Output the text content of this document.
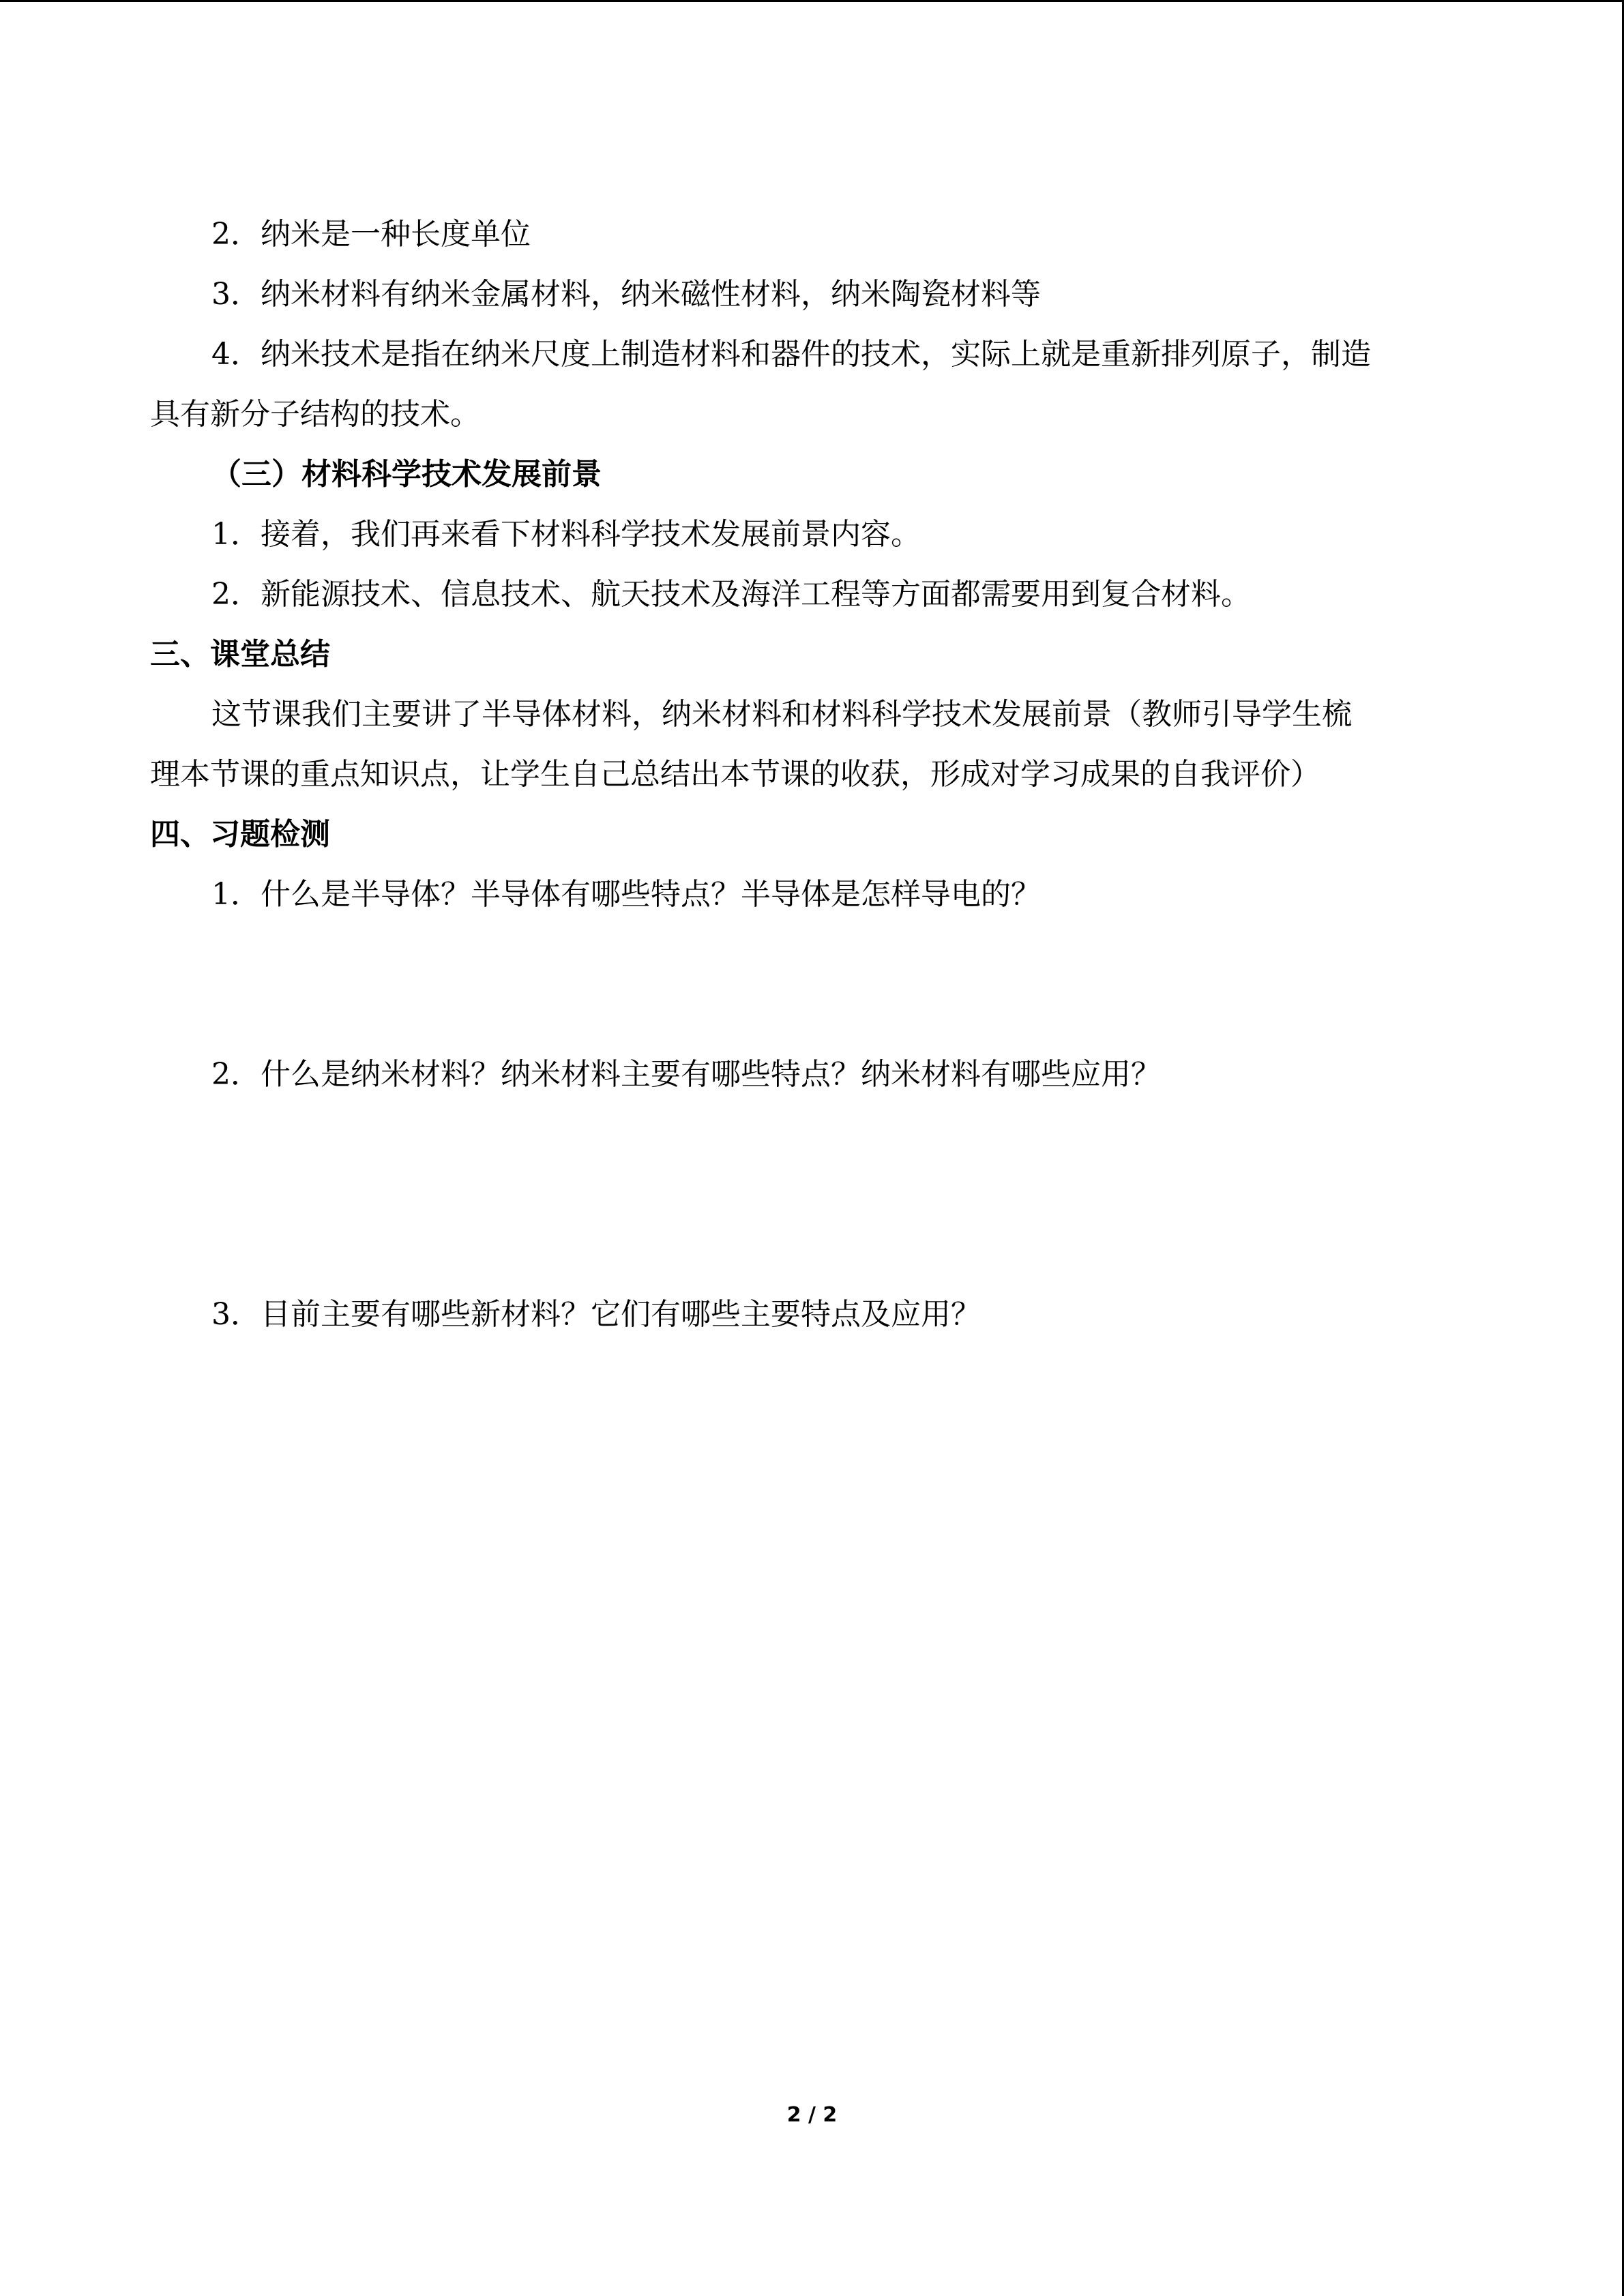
2．纳米是一种长度单位
3．纳米材料有纳米金属材料，纳米磁性材料，纳米陶瓷材料等
4．纳米技术是指在纳米尺度上制造材料和器件的技术，实际上就是重新排列原子，制造
具有新分子结构的技术。
（三）材料科学技术发展前景
1．接着，我们再来看下材料科学技术发展前景内容。
2．新能源技术、信息技术、航天技术及海洋工程等方面都需要用到复合材料。
三、课堂总结
这节课我们主要讲了半导体材料，纳米材料和材料科学技术发展前景（教师引导学生梳
理本节课的重点知识点，让学生自己总结出本节课的收获，形成对学习成果的自我评价）
四、习题检测
1．什么是半导体？半导体有哪些特点？半导体是怎样导电的？
2．什么是纳米材料？纳米材料主要有哪些特点？纳米材料有哪些应用？
3．目前主要有哪些新材料？它们有哪些主要特点及应用？
2 / 2
